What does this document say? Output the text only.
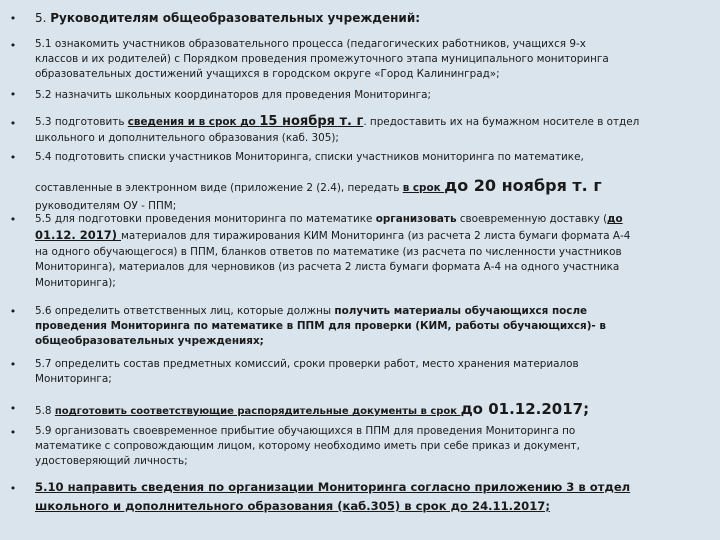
•
•
•
•
•
•
•
•
•
•
•
5. Руководителям общеобразовательных учреждений:
5.1 ознакомить участников образовательного процесса (педагогических работников, учащихся 9-х
классов и их родителей) с Порядком проведения промежуточного этапа муниципального мониторинга
образовательных достижений учащихся в городском округе «Город Калининград»;
5.2 назначить школьных координаторов для проведения Мониторинга;
5.3 подготовить сведения и в срок до 15 ноября т. г. предоставить их на бумажном носителе в отдел
школьного и дополнительного образования (каб. 305);
5.4 подготовить списки участников Мониторинга, списки участников мониторинга по математике,
составленные в электронном виде (приложение 2 (2.4), передать в срок до 20 ноября т. г
руководителям ОУ - ППМ;
5.5 для подготовки проведения мониторинга по математике организовать своевременную доставку (до
01.12. 2017) материалов для тиражирования КИМ Мониторинга (из расчета 2 листа бумаги формата А-4
на одного обучающегося) в ППМ, бланков ответов по математике (из расчета по численности участников
Мониторинга), материалов для черновиков (из расчета 2 листа бумаги формата А-4 на одного участника
Мониторинга);
5.6 определить ответственных лиц, которые должны получить материалы обучающихся после
проведения Мониторинга по математике в ППМ для проверки (КИМ, работы обучающихся)- в
общеобразовательных учреждениях;
5.7 определить состав предметных комиссий, сроки проверки работ, место хранения материалов
Мониторинга;
5.8 подготовить соответствующие распорядительные документы в срок до 01.12.2017;
5.9 организовать своевременное прибытие обучающихся в ППМ для проведения Мониторинга по
математике с сопровождающим лицом, которому необходимо иметь при себе приказ и документ,
удостоверяющий личность;
5.10 направить сведения по организации Мониторинга согласно приложению 3 в отдел
школьного и дополнительного образования (каб.305) в срок до 24.11.2017;
